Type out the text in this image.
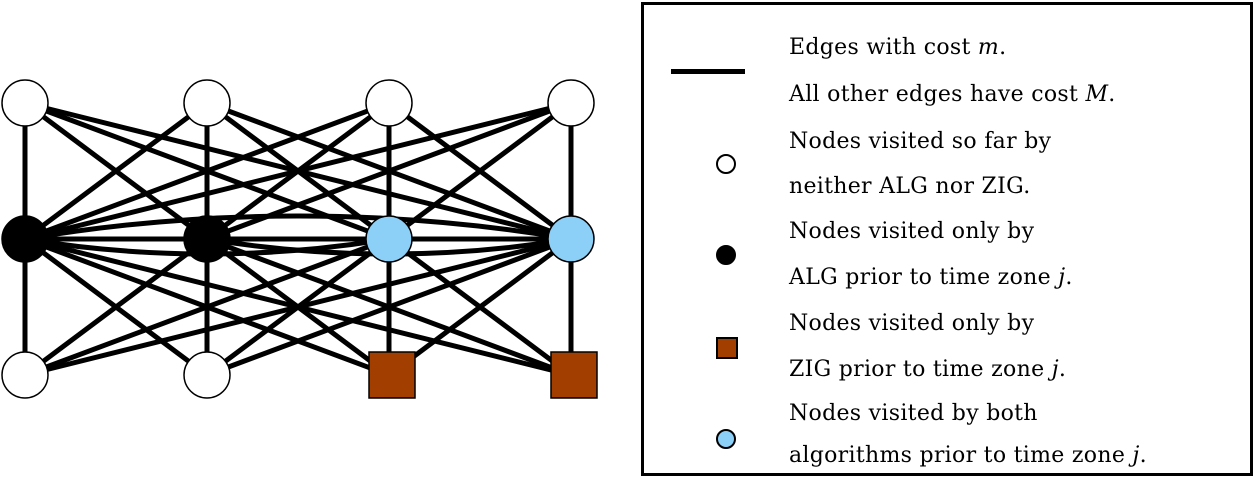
Edges with cost m.
All other edges have cost M.
Nodes visited so far by
neither ALG nor ZIG.
Nodes visited only by
ALG prior to time zone j.
Nodes visited only by
ZIG prior to time zone j.
Nodes visited by both
algorithms prior to time zone j.
